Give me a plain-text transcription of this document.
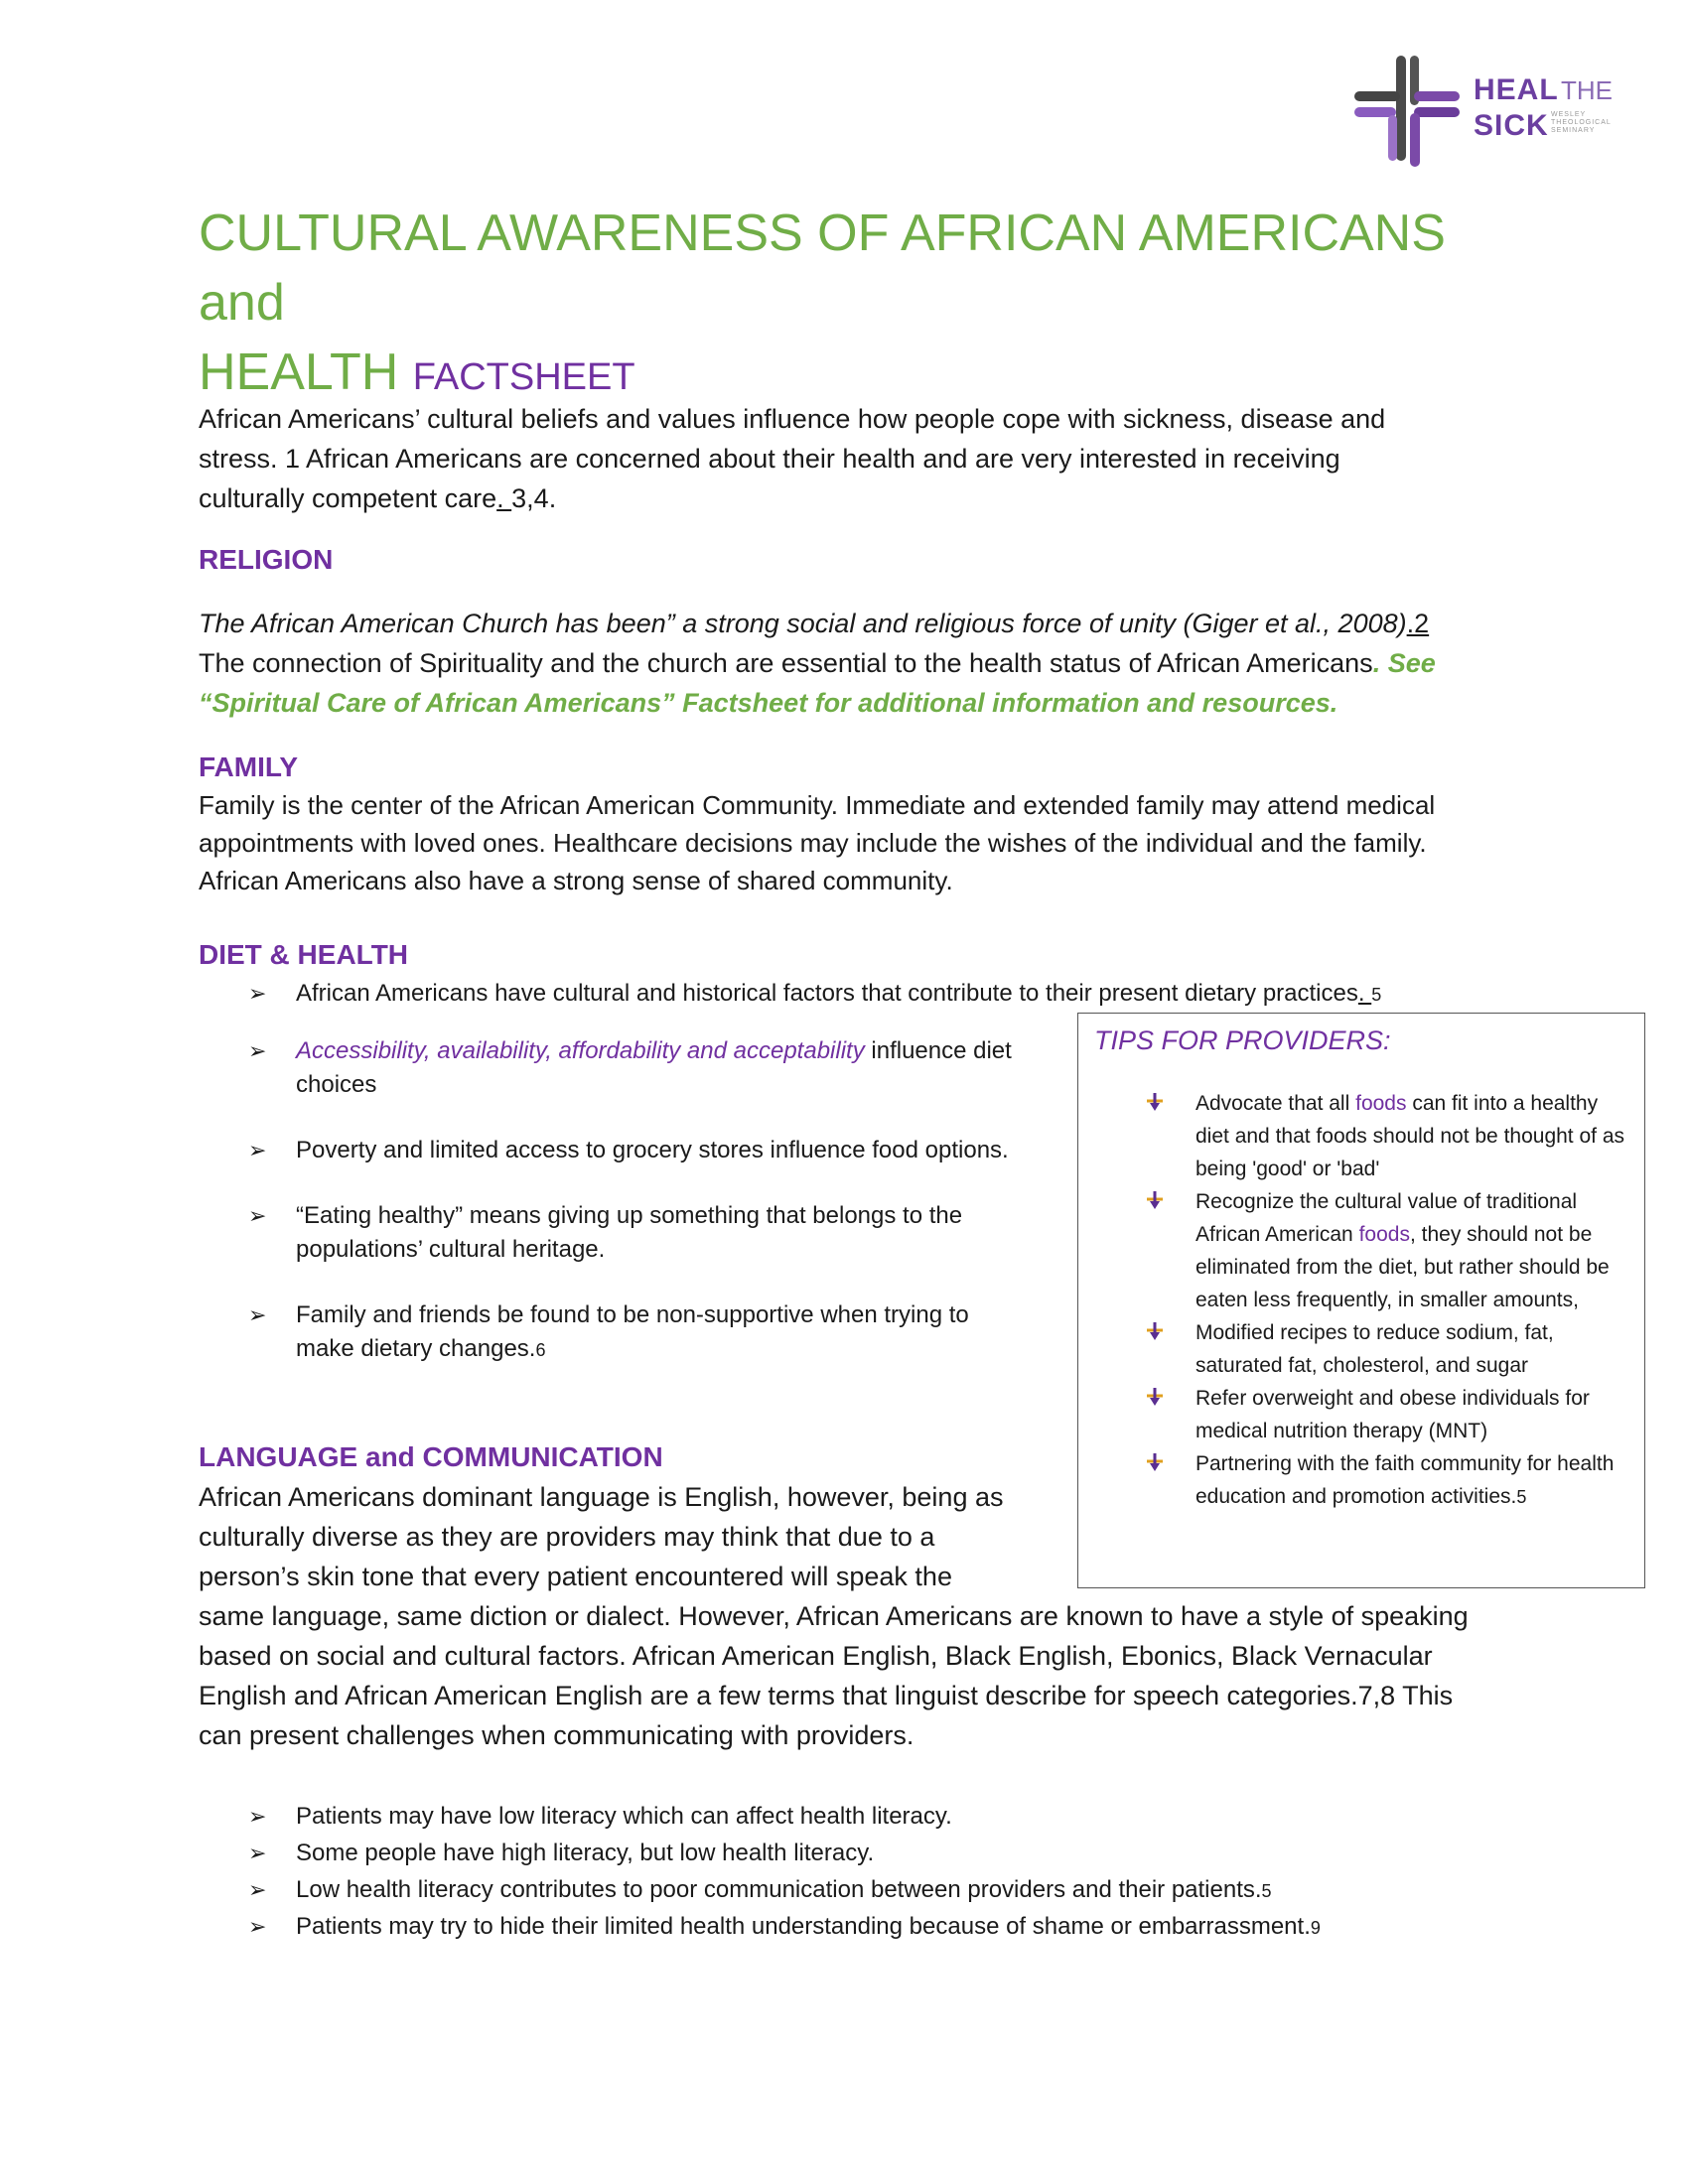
HEAL THE
SICK WESLEY THEOLOGICAL SEMINARY
CULTURAL AWARENESS OF AFRICAN AMERICANS and
HEALTH FACTSHEET
African Americans’ cultural beliefs and values influence how people cope with sickness, disease and stress. 1 African Americans are concerned about their health and are very interested in receiving culturally competent care. 3,4.
RELIGION
The African American Church has been” a strong social and religious force of unity (Giger et al., 2008).2
The connection of Spirituality and the church are essential to the health status of African Americans. See “Spiritual Care of African Americans” Factsheet for additional information and resources.
FAMILY
Family is the center of the African American Community. Immediate and extended family may attend medical appointments with loved ones. Healthcare decisions may include the wishes of the individual and the family. African Americans also have a strong sense of shared community.
DIET & HEALTH
➢ African Americans have cultural and historical factors that contribute to their present dietary practices. 5
➢ Accessibility, availability, affordability and acceptability influence diet choices
➢ Poverty and limited access to grocery stores influence food options.
➢ “Eating healthy” means giving up something that belongs to the populations’ cultural heritage.
➢ Family and friends be found to be non-supportive when trying to make dietary changes.6
TIPS FOR PROVIDERS:
Advocate that all foods can fit into a healthy diet and that foods should not be thought of as being 'good' or 'bad'
Recognize the cultural value of traditional African American foods, they should not be eliminated from the diet, but rather should be eaten less frequently, in smaller amounts,
Modified recipes to reduce sodium, fat, saturated fat, cholesterol, and sugar
Refer overweight and obese individuals for medical nutrition therapy (MNT)
Partnering with the faith community for health education and promotion activities.5
LANGUAGE and COMMUNICATION
African Americans dominant language is English, however, being as
culturally diverse as they are providers may think that due to a
person’s skin tone that every patient encountered will speak the
same language, same diction or dialect. However, African Americans are known to have a style of speaking based on social and cultural factors. African American English, Black English, Ebonics, Black Vernacular English and African American English are a few terms that linguist describe for speech categories.7,8 This can present challenges when communicating with providers.
➢ Patients may have low literacy which can affect health literacy.
➢ Some people have high literacy, but low health literacy.
➢ Low health literacy contributes to poor communication between providers and their patients.5
➢ Patients may try to hide their limited health understanding because of shame or embarrassment.9
